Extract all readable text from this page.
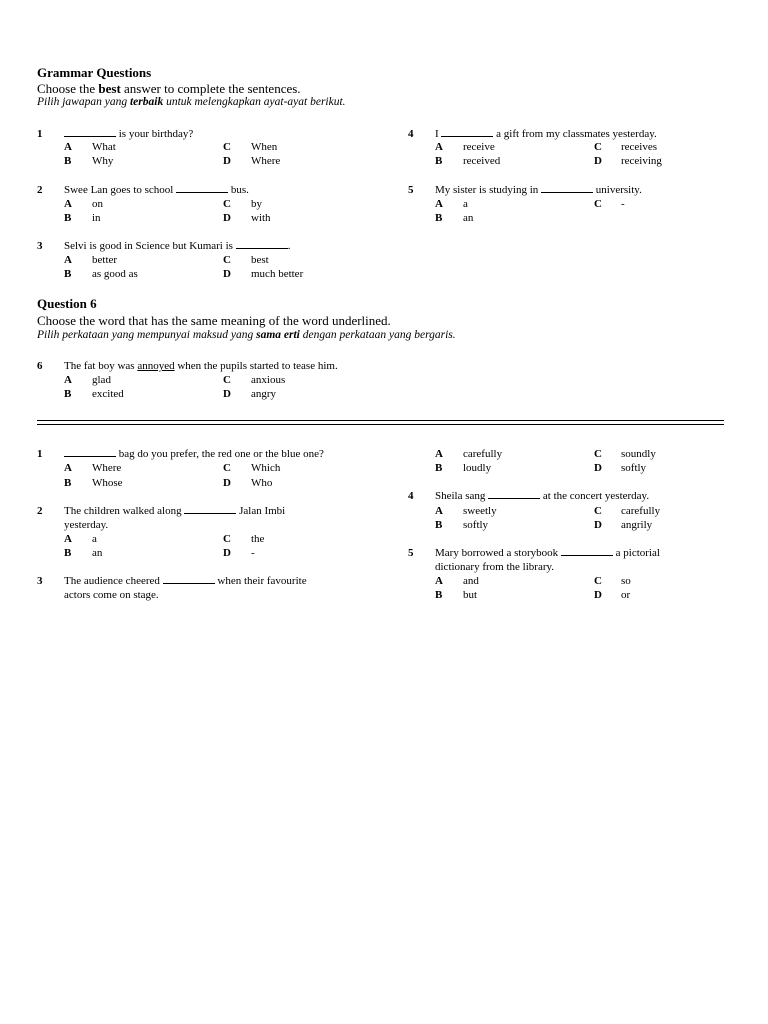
Grammar Questions
Choose the best answer to complete the sentences.
Pilih jawapan yang terbaik untuk melengkapkan ayat-ayat berikut.
1	is your birthday?
A What	C When
B Why	D Where
2 Swee Lan goes to school	bus.
A on	C by
B in	D with
3 Selvi is good in Science but Kumari is	.
A better	C best
B as good as	D much better
4 I	a gift from my classmates yesterday.
A receive	C receives
B received	D receiving
5 My sister is studying in	university.
A a	C -
B an
Question 6
Choose the word that has the same meaning of the word underlined.
Pilih perkataan yang mempunyai maksud yang sama erti dengan perkataan yang bergaris.
6 The fat boy was annoyed when the pupils started to tease him.
A glad	C anxious
B excited	D angry
1	bag do you prefer, the red one or the blue one?
A Where	C Which
B Whose	D Who
2 The children walked along	Jalan Imbi
yesterday.
A a	C the
B an	D -
3 The audience cheered	when their favourite
actors come on stage.
A carefully	C soundly
B loudly	D softly
4 Sheila sang	at the concert yesterday.
A sweetly	C carefully
B softly	D angrily
5 Mary borrowed a storybook	a pictorial
dictionary from the library.
A and	C so
B but	D or
